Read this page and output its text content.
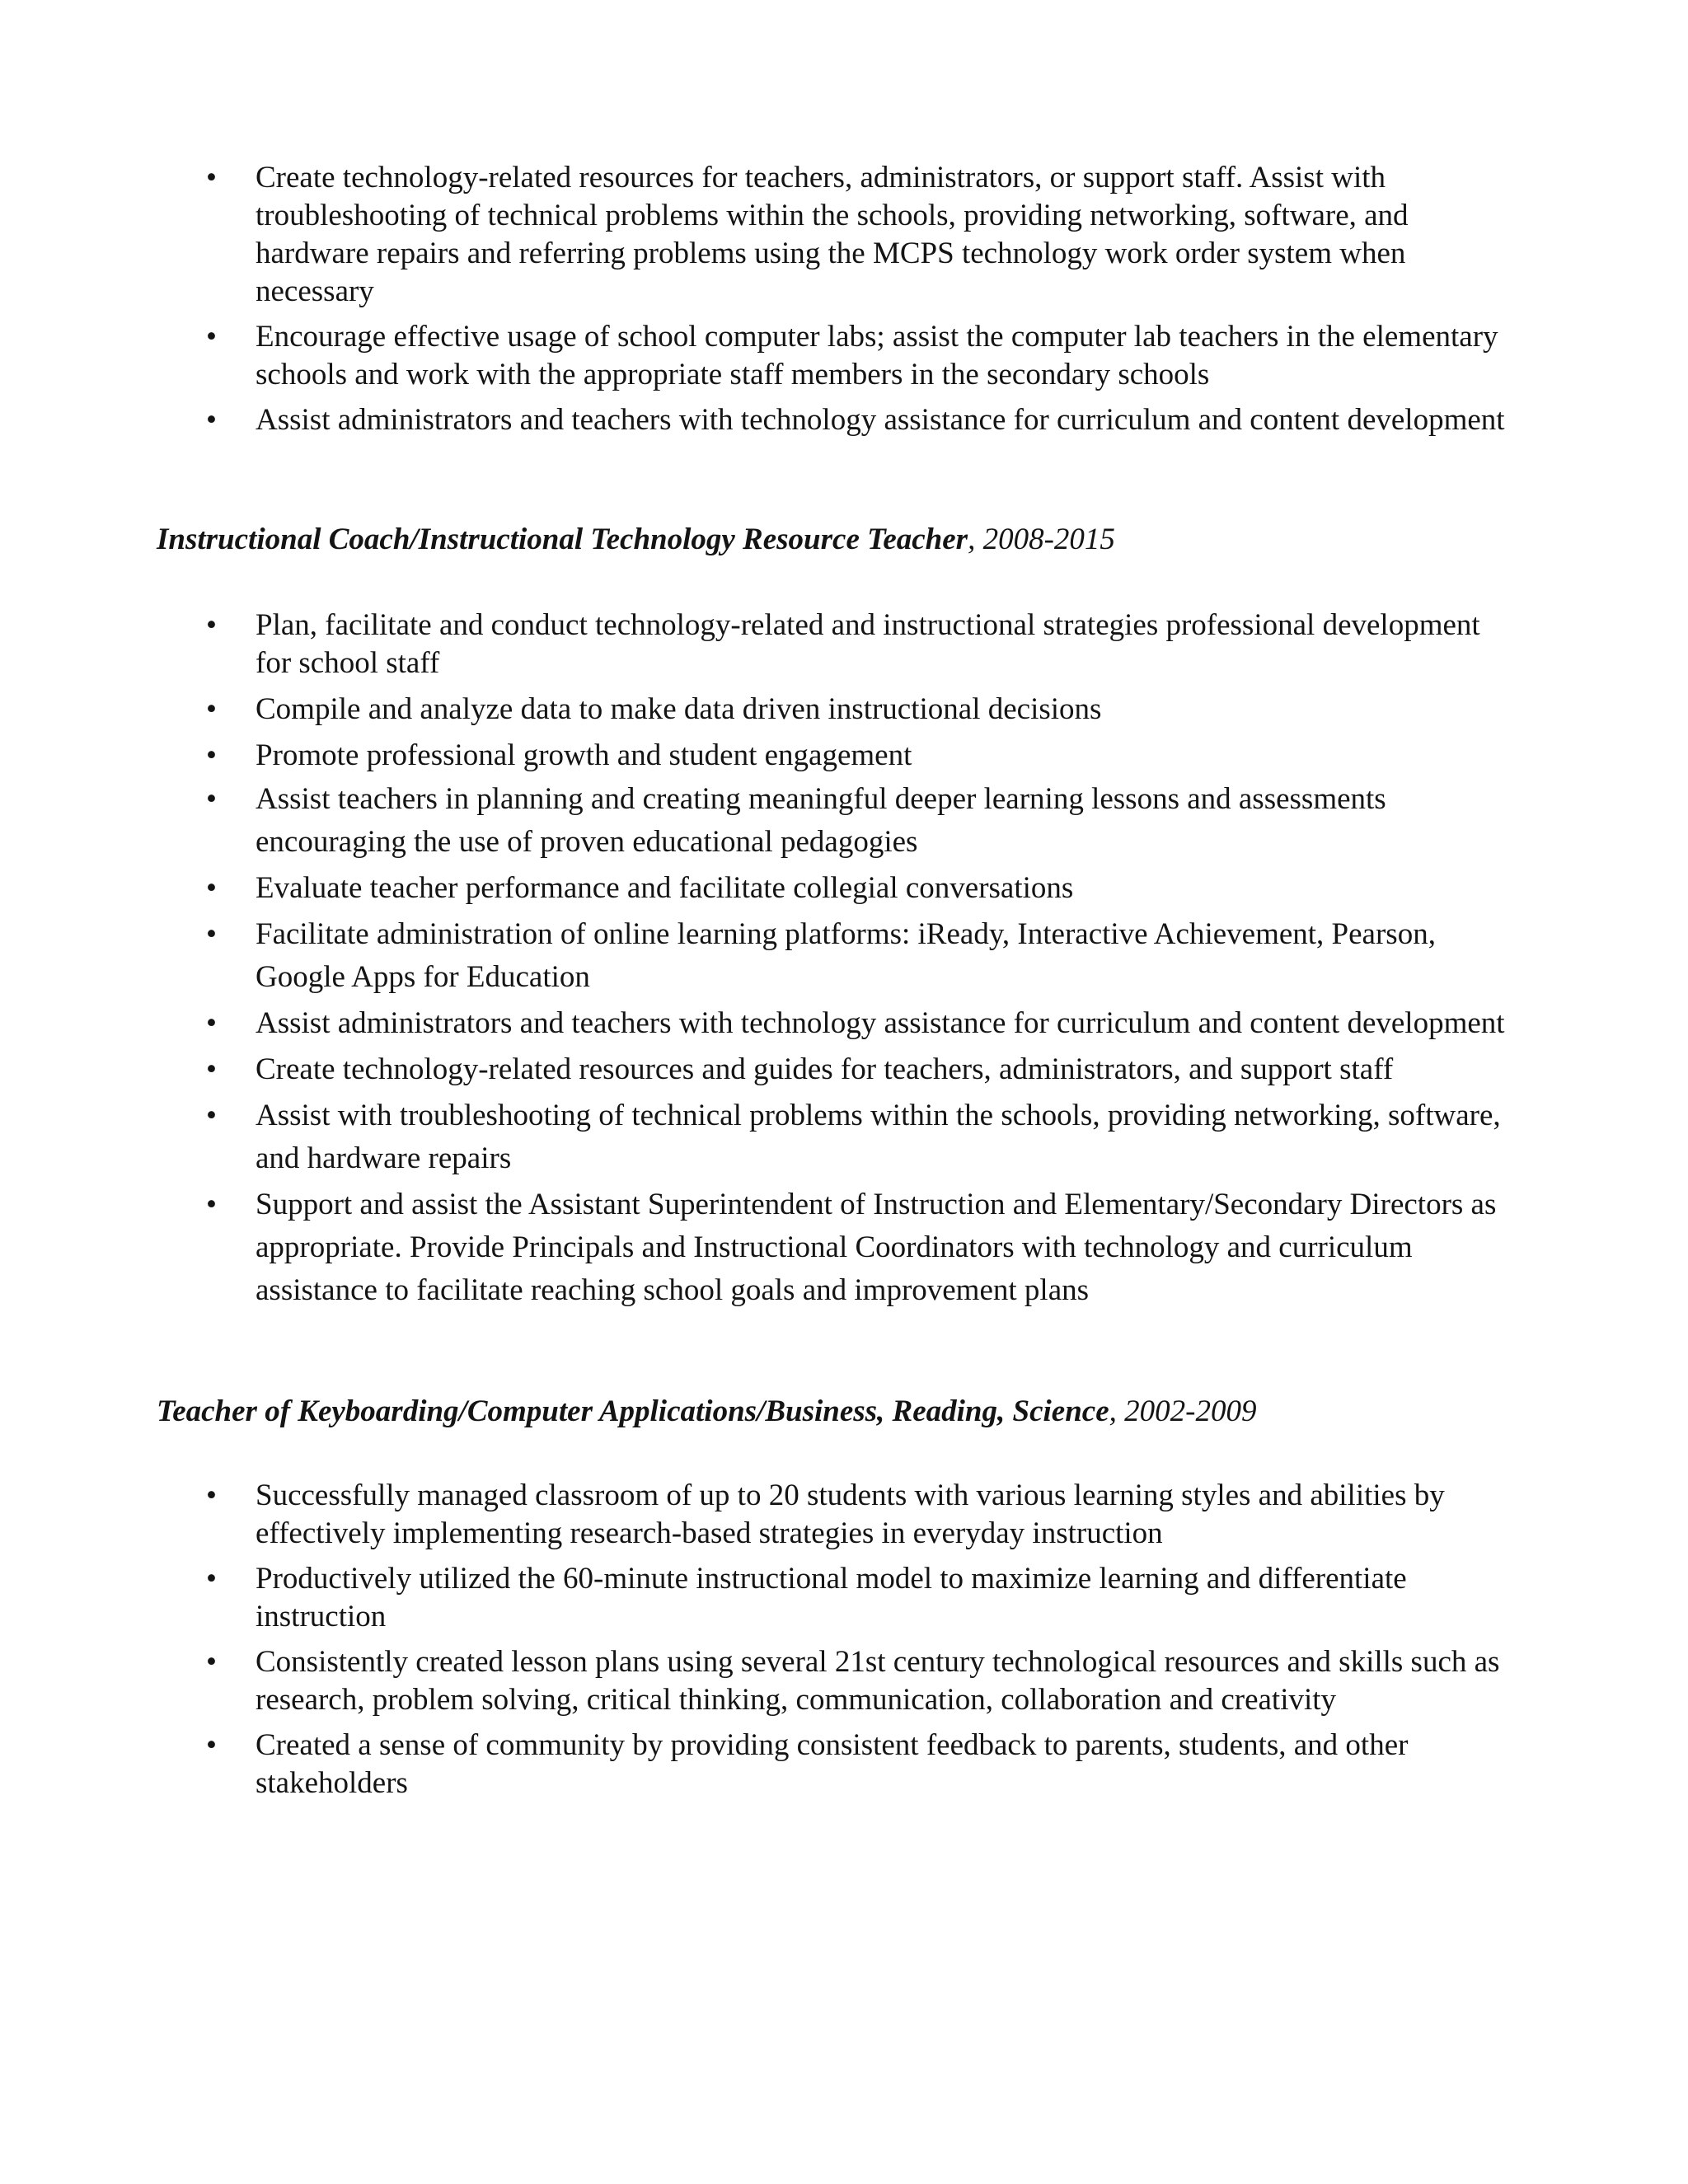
• Create technology-related resources for teachers, administrators, or support staff. Assist with troubleshooting of technical problems within the schools, providing networking, software, and hardware repairs and referring problems using the MCPS technology work order system when necessary
• Encourage effective usage of school computer labs; assist the computer lab teachers in the elementary schools and work with the appropriate staff members in the secondary schools
• Assist administrators and teachers with technology assistance for curriculum and content development
Instructional Coach/Instructional Technology Resource Teacher, 2008-2015
• Plan, facilitate and conduct technology-related and instructional strategies professional development for school staff
• Compile and analyze data to make data driven instructional decisions
• Promote professional growth and student engagement
• Assist teachers in planning and creating meaningful deeper learning lessons and assessments encouraging the use of proven educational pedagogies
• Evaluate teacher performance and facilitate collegial conversations
• Facilitate administration of online learning platforms: iReady, Interactive Achievement, Pearson, Google Apps for Education
• Assist administrators and teachers with technology assistance for curriculum and content development
• Create technology-related resources and guides for teachers, administrators, and support staff
• Assist with troubleshooting of technical problems within the schools, providing networking, software, and hardware repairs
• Support and assist the Assistant Superintendent of Instruction and Elementary/Secondary Directors as appropriate. Provide Principals and Instructional Coordinators with technology and curriculum assistance to facilitate reaching school goals and improvement plans
Teacher of Keyboarding/Computer Applications/Business, Reading, Science, 2002-2009
• Successfully managed classroom of up to 20 students with various learning styles and abilities by effectively implementing research-based strategies in everyday instruction
• Productively utilized the 60-minute instructional model to maximize learning and differentiate instruction
• Consistently created lesson plans using several 21st century technological resources and skills such as research, problem solving, critical thinking, communication, collaboration and creativity
• Created a sense of community by providing consistent feedback to parents, students, and other stakeholders
